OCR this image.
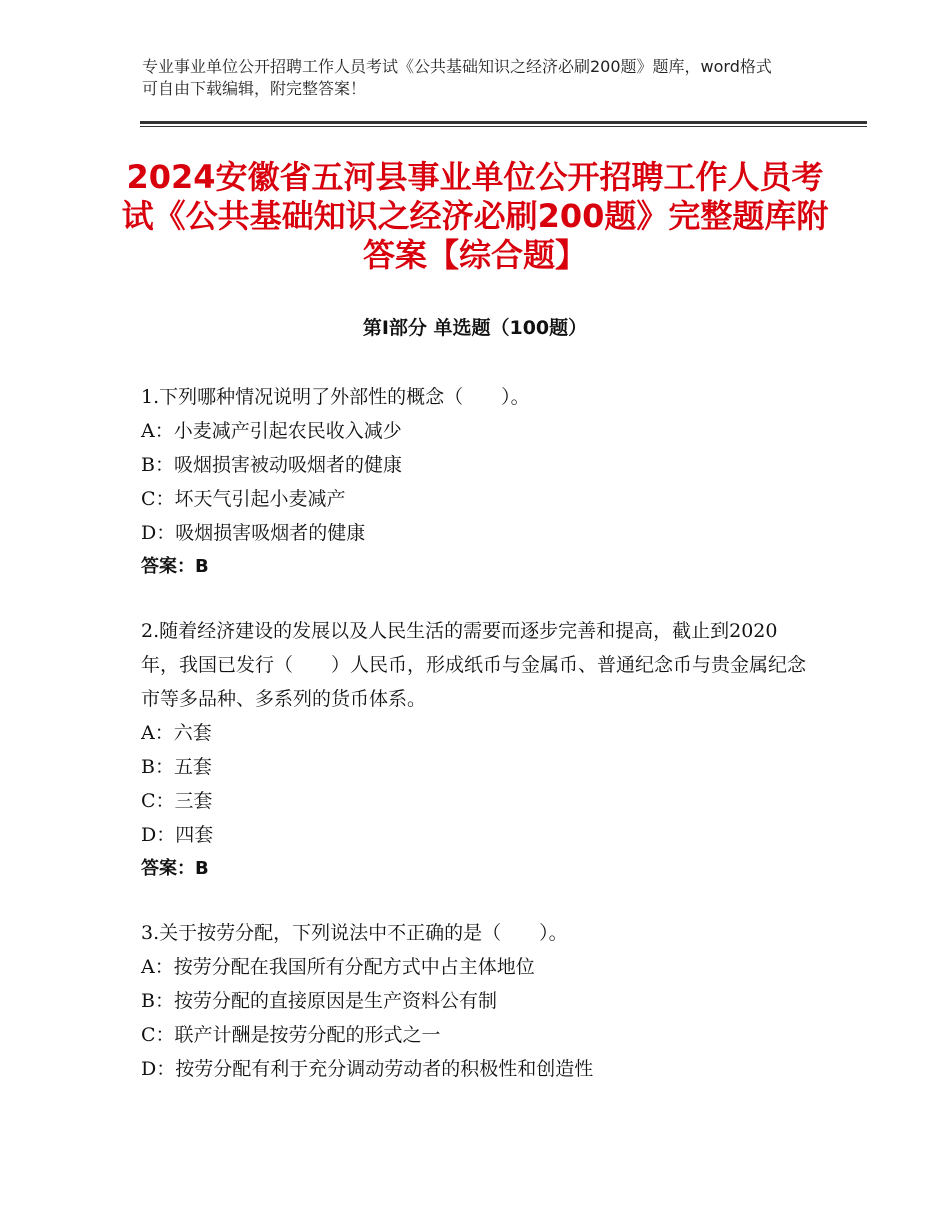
专业事业单位公开招聘工作人员考试《公共基础知识之经济必刷200题》题库，word格式可自由下载编辑，附完整答案！
2024安徽省五河县事业单位公开招聘工作人员考试《公共基础知识之经济必刷200题》完整题库附答案【综合题】
第Ⅰ部分 单选题（100题）
1.下列哪种情况说明了外部性的概念（　　）。
A：小麦减产引起农民收入减少
B：吸烟损害被动吸烟者的健康
C：坏天气引起小麦减产
D：吸烟损害吸烟者的健康
答案：B
2.随着经济建设的发展以及人民生活的需要而逐步完善和提高，截止到2020年，我国已发行（　　）人民币，形成纸币与金属币、普通纪念币与贵金属纪念市等多品种、多系列的货币体系。
A：六套
B：五套
C：三套
D：四套
答案：B
3.关于按劳分配，下列说法中不正确的是（　　）。
A：按劳分配在我国所有分配方式中占主体地位
B：按劳分配的直接原因是生产资料公有制
C：联产计酬是按劳分配的形式之一
D：按劳分配有利于充分调动劳动者的积极性和创造性
